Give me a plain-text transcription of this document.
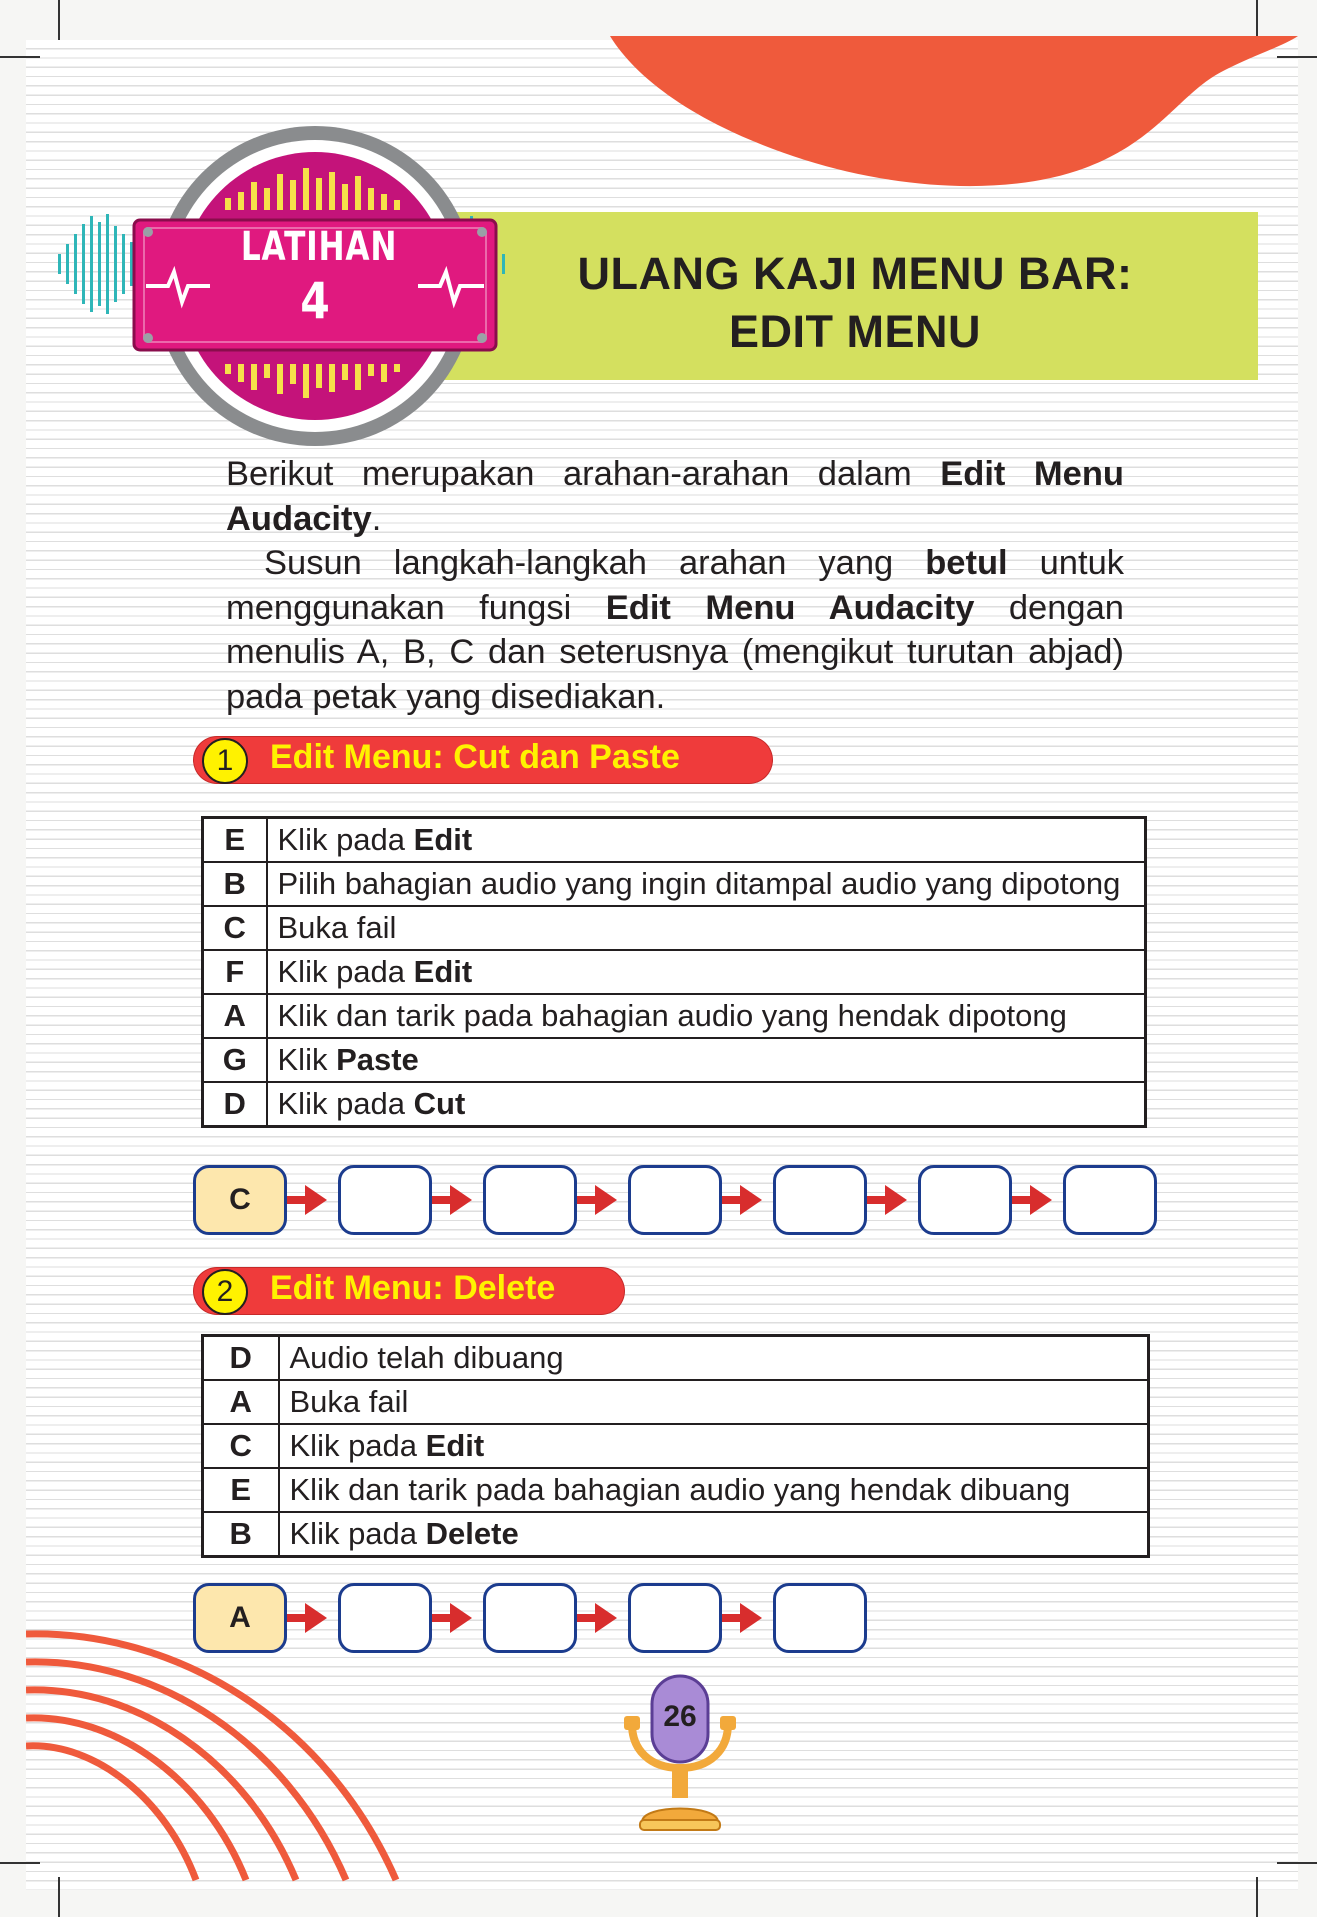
ULANG KAJI MENU BAR:
EDIT MENU
LATIHAN
4

Berikut merupakan arahan-arahan dalam Edit Menu Audacity.

Susun langkah-langkah arahan yang betul untuk menggunakan fungsi Edit Menu Audacity dengan menulis A, B, C dan seterusnya (mengikut turutan abjad) pada petak yang disediakan.

1	Edit Menu: Cut dan Paste
E	Klik pada Edit
B	Pilih bahagian audio yang ingin ditampal audio yang dipotong
C	Buka fail
F	Klik pada Edit
A	Klik dan tarik pada bahagian audio yang hendak dipotong
G	Klik Paste
D	Klik pada Cut
C
2	Edit Menu: Delete
D	Audio telah dibuang
A	Buka fail
C	Klik pada Edit
E	Klik dan tarik pada bahagian audio yang hendak dibuang
B	Klik pada Delete
A
26
